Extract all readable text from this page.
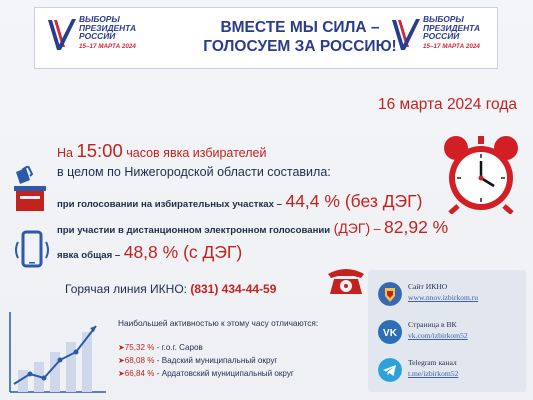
ВЫБОРЫ
ПРЕЗИДЕНТА
РОССИИ
15–17 МАРТА 2024
ВМЕСТЕ МЫ СИЛА –
ГОЛОСУЕМ ЗА РОССИЮ!
ВЫБОРЫ
ПРЕЗИДЕНТА
РОССИИ
15–17 МАРТА 2024
16 марта 2024 года
На 15:00 часов явка избирателей
в целом по Нижегородской области составила:
при голосовании на избирательных участках – 44,4 % (без ДЭГ)
при участии в дистанционном электронном голосовании (ДЭГ) – 82,92 %
явка общая – 48,8 % (с ДЭГ)
Горячая линия ИКНО: (831) 434-44-59
Наибольшей активностью к этому часу отличаются:
➤75,32 % - г.о.г. Саров
➤68,08 % - Вадский муниципальный округ
➤66,84 % - Ардатовский муниципальный округ
Сайт ИКНО
www.nnov.izbirkom.ru
VK
Страница в ВК
vk.com/izbirkom52
Telegram канал
t.me/izbirkom52
